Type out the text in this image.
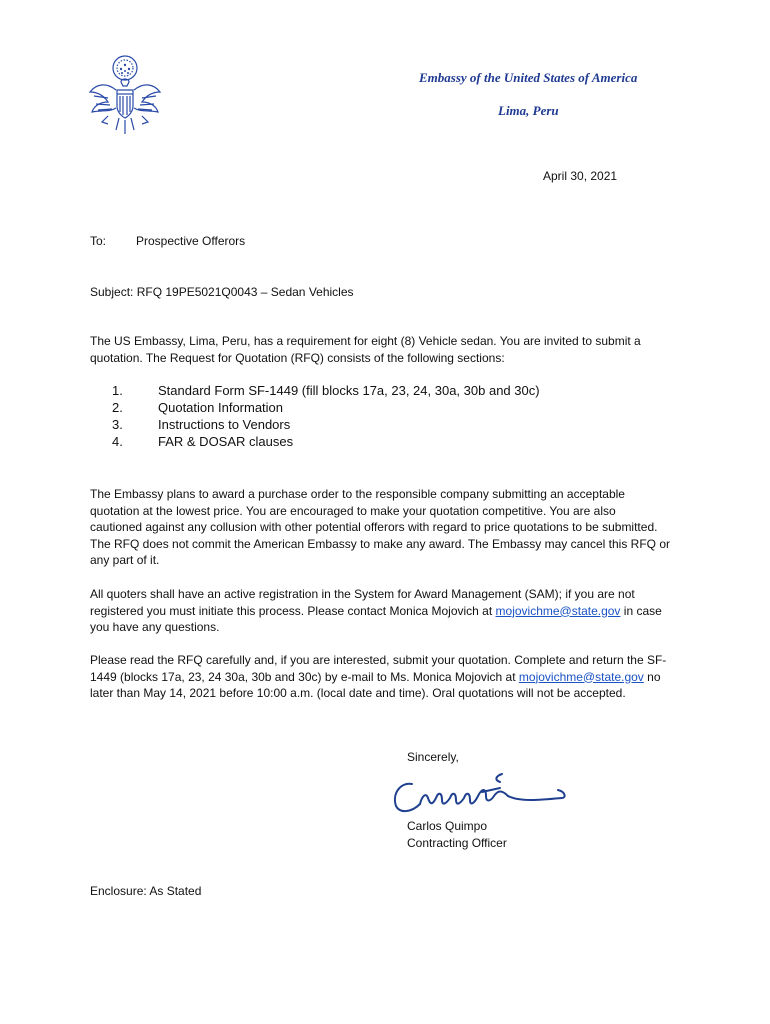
Embassy of the United States of America
Lima, Peru
April 30, 2021
To: Prospective Offerors
Subject: RFQ 19PE5021Q0043 – Sedan Vehicles
The US Embassy, Lima, Peru, has a requirement for eight (8) Vehicle sedan. You are invited to submit a
quotation. The Request for Quotation (RFQ) consists of the following sections:
1.	Standard Form SF-1449 (fill blocks 17a, 23, 24, 30a, 30b and 30c)
2.	Quotation Information
3.	Instructions to Vendors
4.	FAR & DOSAR clauses
The Embassy plans to award a purchase order to the responsible company submitting an acceptable
quotation at the lowest price. You are encouraged to make your quotation competitive. You are also
cautioned against any collusion with other potential offerors with regard to price quotations to be submitted.
The RFQ does not commit the American Embassy to make any award. The Embassy may cancel this RFQ or
any part of it.
All quoters shall have an active registration in the System for Award Management (SAM); if you are not
registered you must initiate this process. Please contact Monica Mojovich at mojovichme@state.gov in case
you have any questions.
Please read the RFQ carefully and, if you are interested, submit your quotation. Complete and return the SF-
1449 (blocks 17a, 23, 24 30a, 30b and 30c) by e-mail to Ms. Monica Mojovich at mojovichme@state.gov no
later than May 14, 2021 before 10:00 a.m. (local date and time). Oral quotations will not be accepted.
Sincerely,
Carlos Quimpo
Contracting Officer
Enclosure: As Stated
